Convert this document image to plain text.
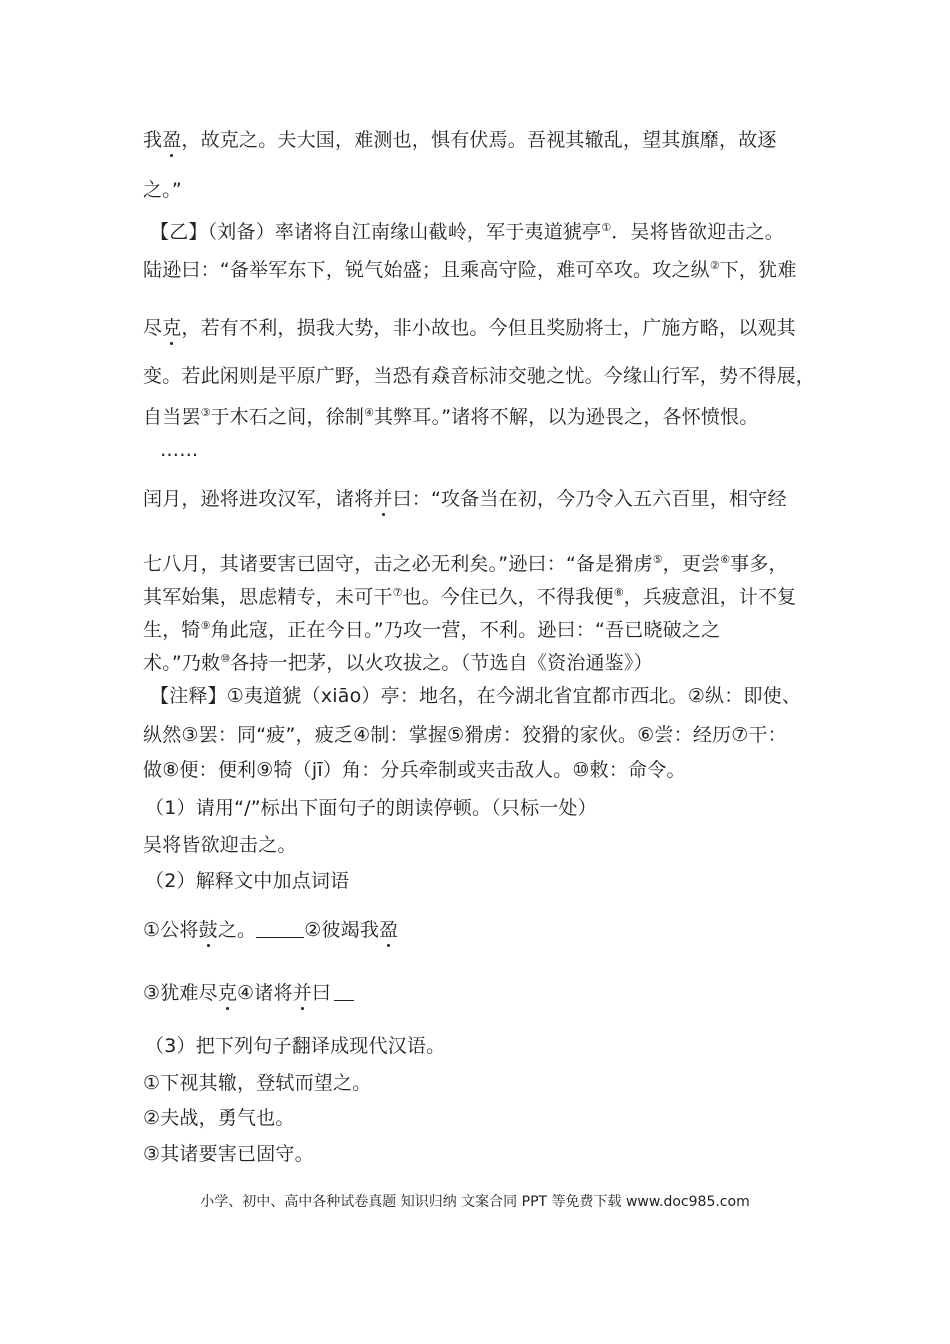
我盈，故克之。夫大国，难测也，惧有伏焉。吾视其辙乱，望其旗靡，故逐
之。”
【乙】（刘备）率诸将自江南缘山截岭，军于夷道猇亭①．吴将皆欲迎击之。
陆逊曰：“备举军东下，锐气始盛；且乘高守险，难可卒攻。攻之纵②下，犹难
尽克，若有不利，损我大势，非小故也。今但且奖励将士，广施方略，以观其
变。若此闲则是平原广野，当恐有猋音标沛交驰之忧。今缘山行军，势不得展，
自当罢③于木石之间，徐制④其弊耳。”诸将不解，以为逊畏之，各怀愤恨。
……
闰月，逊将进攻汉军，诸将并曰：“攻备当在初，今乃令入五六百里，相守经
七八月，其诸要害已固守，击之必无利矣。”逊曰：“备是猾虏⑤，更尝⑥事多，
其军始集，思虑精专，未可干⑦也。今住已久，不得我便⑧，兵疲意沮，计不复
生，犄⑨角此寇，正在今日。”乃攻一营，不利。逊曰：“吾已晓破之之
术。”乃敕⑩各持一把茅，以火攻拔之。（节选自《资治通鉴》）
【注释】①夷道猇（xiāo）亭：地名，在今湖北省宜都市西北。②纵：即使、
纵然③罢：同“疲”，疲乏④制：掌握⑤猾虏：狡猾的家伙。⑥尝：经历⑦干：
做⑧便：便利⑨犄（jī）角：分兵牵制或夹击敌人。⑩敕：命令。
（1）请用“/”标出下面句子的朗读停顿。（只标一处）
吴将皆欲迎击之。
（2）解释文中加点词语
①公将鼓之。	②彼竭我盈
③犹难尽克④诸将并曰
（3）把下列句子翻译成现代汉语。
①下视其辙，登轼而望之。
②夫战，勇气也。
③其诸要害已固守。
小学、初中、高中各种试卷真题 知识归纳 文案合同 PPT 等免费下载 www.doc985.com
